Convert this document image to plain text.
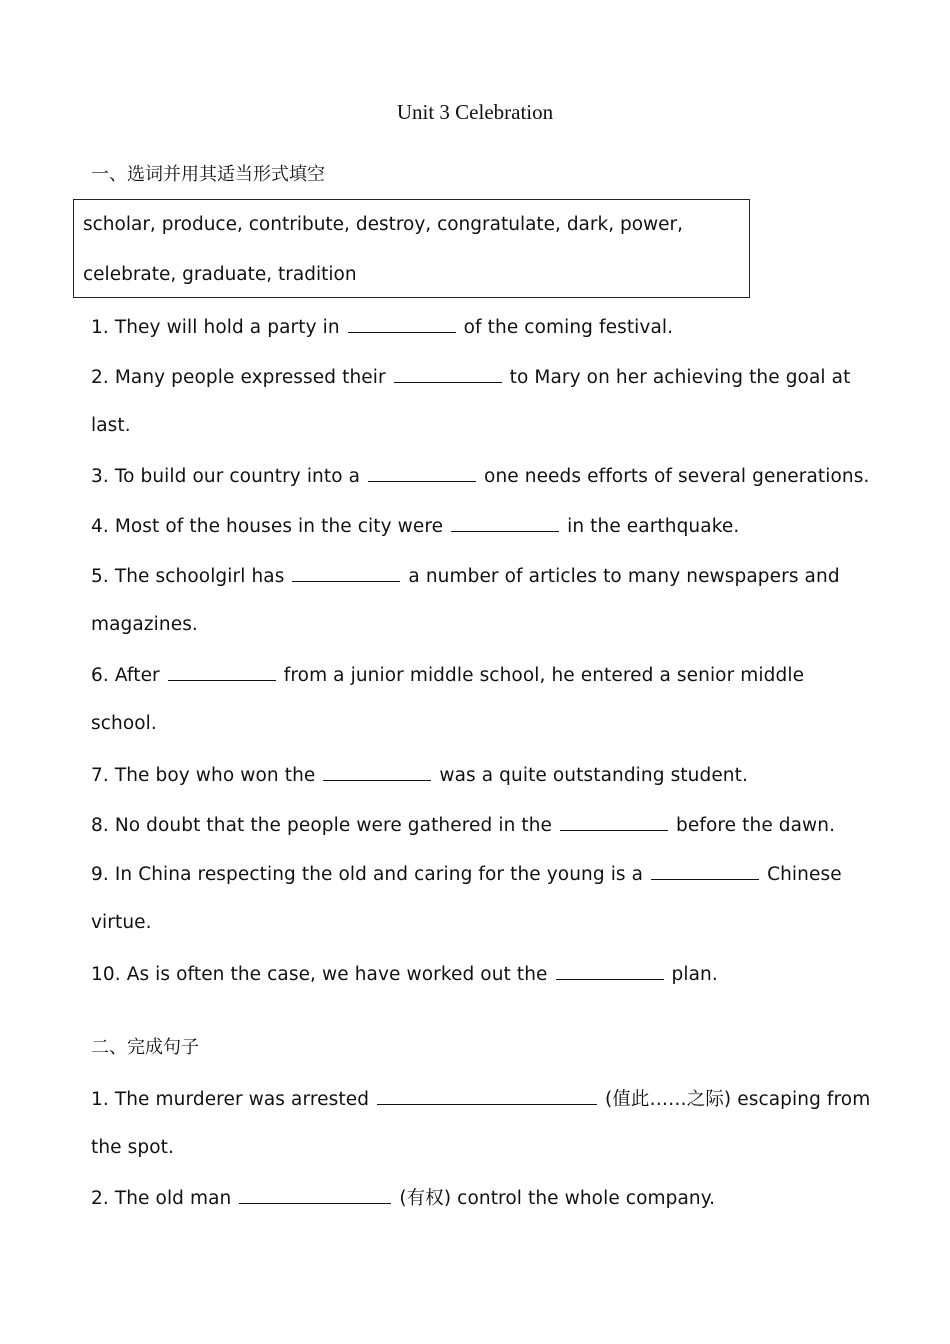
Unit 3 Celebration
一、选词并用其适当形式填空
scholar, produce, contribute, destroy, congratulate, dark, power,
celebrate, graduate, tradition
1. They will hold a party in	of the coming festival.
2. Many people expressed their	to Mary on her achieving the goal at
last.
3. To build our country into a	one needs efforts of several generations.
4. Most of the houses in the city were	in the earthquake.
5. The schoolgirl has	a number of articles to many newspapers and
magazines.
6. After	from a junior middle school, he entered a senior middle
school.
7. The boy who won the	was a quite outstanding student.
8. No doubt that the people were gathered in the	before the dawn.
9. In China respecting the old and caring for the young is a	Chinese
virtue.
10. As is often the case, we have worked out the	plan.
二、完成句子
1. The murderer was arrested	(值此……之际) escaping from
the spot.
2. The old man	(有权) control the whole company.
